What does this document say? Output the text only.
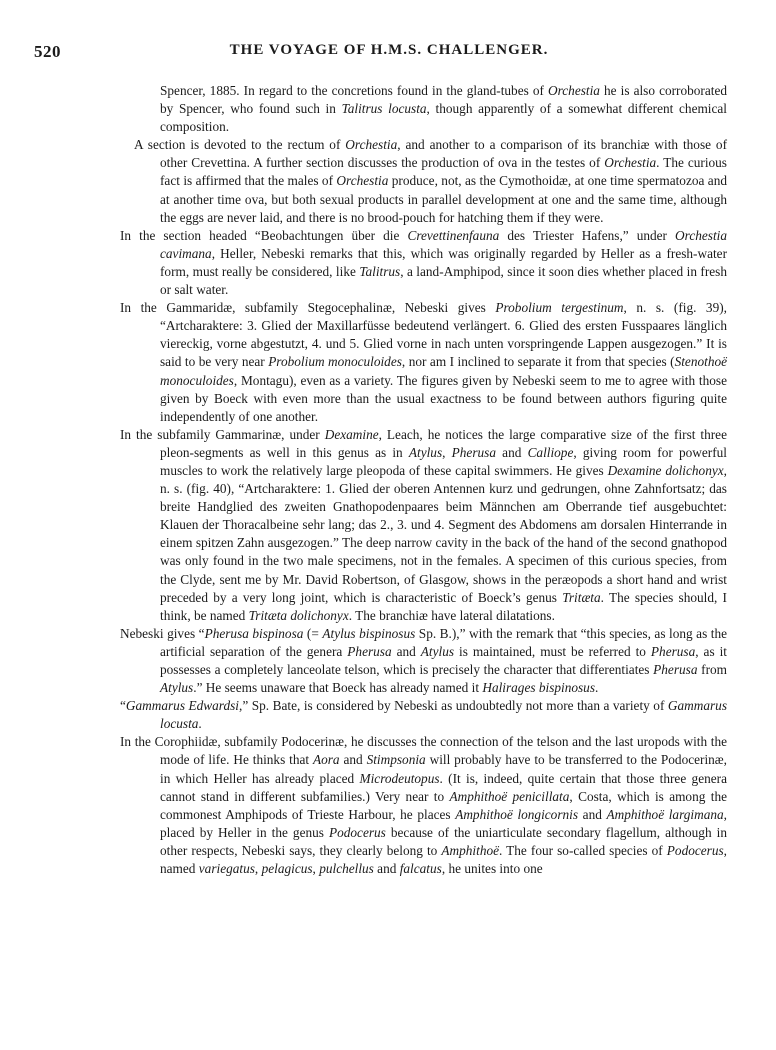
520	THE VOYAGE OF H.M.S. CHALLENGER.

Spencer, 1885. In regard to the concretions found in the gland-tubes of Orchestia he is also corroborated by Spencer, who found such in Talitrus locusta, though apparently of a somewhat different chemical composition.

A section is devoted to the rectum of Orchestia, and another to a comparison of its branchiæ with those of other Crevettina. A further section discusses the production of ova in the testes of Orchestia. The curious fact is affirmed that the males of Orchestia produce, not, as the Cymothoidæ, at one time spermatozoa and at another time ova, but both sexual products in parallel development at one and the same time, although the eggs are never laid, and there is no brood-pouch for hatching them if they were.

In the section headed “Beobachtungen über die Crevettinenfauna des Triester Hafens,” under Orchestia cavimana, Heller, Nebeski remarks that this, which was originally regarded by Heller as a fresh-water form, must really be considered, like Talitrus, a land-Amphipod, since it soon dies whether placed in fresh or salt water.

In the Gammaridæ, subfamily Stegocephalinæ, Nebeski gives Probolium tergestinum, n. s. (fig. 39), “Artcharaktere: 3. Glied der Maxillarfüsse bedeutend verlängert. 6. Glied des ersten Fusspaares länglich viereckig, vorne abgestutzt, 4. und 5. Glied vorne in nach unten vorspringende Lappen ausgezogen.” It is said to be very near Probolium monoculoides, nor am I inclined to separate it from that species (Stenothoë monoculoides, Montagu), even as a variety. The figures given by Nebeski seem to me to agree with those given by Boeck with even more than the usual exactness to be found between authors figuring quite independently of one another.

In the subfamily Gammarinæ, under Dexamine, Leach, he notices the large comparative size of the first three pleon-segments as well in this genus as in Atylus, Pherusa and Calliope, giving room for powerful muscles to work the relatively large pleopoda of these capital swimmers. He gives Dexamine dolichonyx, n. s. (fig. 40), “Artcharaktere: 1. Glied der oberen Antennen kurz und gedrungen, ohne Zahnfortsatz; das breite Handglied des zweiten Gnathopodenpaares beim Männchen am Oberrande tief ausgebuchtet: Klauen der Thoracalbeine sehr lang; das 2., 3. und 4. Segment des Abdomens am dorsalen Hinterrande in einem spitzen Zahn ausgezogen.” The deep narrow cavity in the back of the hand of the second gnathopod was only found in the two male specimens, not in the females. A specimen of this curious species, from the Clyde, sent me by Mr. David Robertson, of Glasgow, shows in the peræopods a short hand and wrist preceded by a very long joint, which is characteristic of Boeck’s genus Tritæta. The species should, I think, be named Tritæta dolichonyx. The branchiæ have lateral dilatations.

Nebeski gives “Pherusa bispinosa (= Atylus bispinosus Sp. B.),” with the remark that “this species, as long as the artificial separation of the genera Pherusa and Atylus is maintained, must be referred to Pherusa, as it possesses a completely lanceolate telson, which is precisely the character that differentiates Pherusa from Atylus.” He seems unaware that Boeck has already named it Halirages bispinosus.

“Gammarus Edwardsi,” Sp. Bate, is considered by Nebeski as undoubtedly not more than a variety of Gammarus locusta.

In the Corophiidæ, subfamily Podocerinæ, he discusses the connection of the telson and the last uropods with the mode of life. He thinks that Aora and Stimpsonia will probably have to be transferred to the Podocerinæ, in which Heller has already placed Microdeutopus. (It is, indeed, quite certain that those three genera cannot stand in different subfamilies.) Very near to Amphithoë penicillata, Costa, which is among the commonest Amphipods of Trieste Harbour, he places Amphithoë longicornis and Amphithoë largimana, placed by Heller in the genus Podocerus because of the uniarticulate secondary flagellum, although in other respects, Nebeski says, they clearly belong to Amphithoë. The four so-called species of Podocerus, named variegatus, pelagicus, pulchellus and falcatus, he unites into one
